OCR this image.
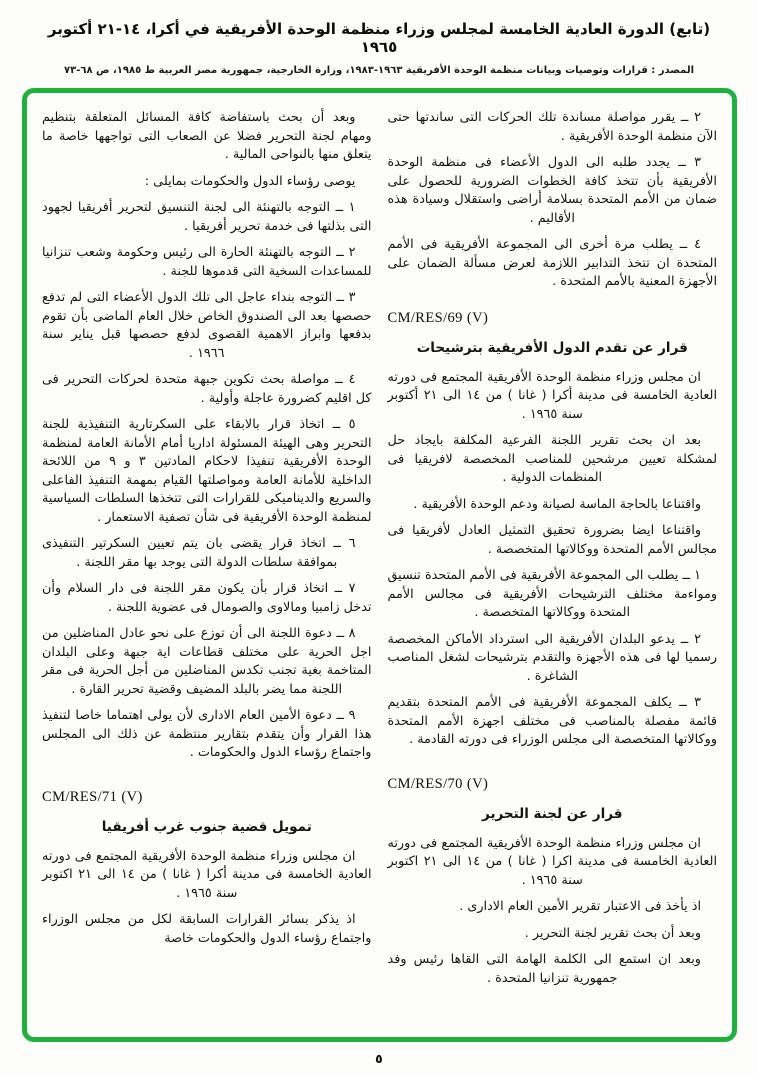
(تابع) الدورة العادية الخامسة لمجلس وزراء منظمة الوحدة الأفريقية في أكرا، ١٤-٢١ أكتوبر ١٩٦٥
المصدر : قرارات وتوصيات وبيانات منظمة الوحدة الأفريقية ١٩٦٣-١٩٨٣، وزارة الخارجية، جمهورية مصر العربية ط ١٩٨٥، ص ٦٨-٧٣

٢ ــ يقرر مواصلة مساندة تلك الحركات التى ساندتها حتى الآن منظمة الوحدة الأفريقية .

٣ ــ يجدد طلبه الى الدول الأعضاء فى منظمة الوحدة الأفريقية بأن تتخذ كافة الخطوات الضرورية للحصول على ضمان من الأمم المتحدة بسلامة أراضى واستقلال وسيادة هذه الأقاليم .

٤ ــ يطلب مرة أخرى الى المجموعة الأفريقية فى الأمم المتحدة ان تتخذ التدابير اللازمة لعرض مسألة الضمان على الأجهزة المعنية بالأمم المتحدة .

CM/RES/69 (V)
قرار عن تقدم الدول الأفريقية بترشيحات

ان مجلس وزراء منظمة الوحدة الأفريقية المجتمع فى دورته العادية الخامسة فى مدينة أكرا ( غانا ) من ١٤ الى ٢١ أكتوبر سنة ١٩٦٥ .

بعد ان بحث تقرير اللجنة الفرعية المكلفة بايجاد حل لمشكلة تعيين مرشحين للمناصب المخصصة لافريقيا فى المنظمات الدولية .

واقتناعا بالحاجة الماسة لصيانة ودعم الوحدة الأفريقية .

واقتناعا ايضا بضرورة تحقيق التمثيل العادل لأفريقيا فى مجالس الأمم المتحدة ووكالاتها المتخصصة .

١ ــ يطلب الى المجموعة الأفريقية فى الأمم المتحدة تنسيق ومواءمة مختلف الترشيحات الأفريقية فى مجالس الأمم المتحدة ووكالاتها المتخصصة .

٢ ــ يدعو البلدان الأفريقية الى استرداد الأماكن المخصصة رسميا لها فى هذه الأجهزة والتقدم بترشيحات لشغل المناصب الشاغرة .

٣ ــ يكلف المجموعة الأفريقية فى الأمم المتحدة بتقديم قائمة مفصلة بالمناصب فى مختلف اجهزة الأمم المتحدة ووكالاتها المتخصصة الى مجلس الوزراء فى دورته القادمة .

CM/RES/70 (V)
قرار عن لجنة التحرير

ان مجلس وزراء منظمة الوحدة الأفريقية المجتمع فى دورته العادية الخامسة فى مدينة اكرا ( غانا ) من ١٤ الى ٢١ اكتوبر سنة ١٩٦٥ .

اذ يأخذ فى الاعتبار تقرير الأمين العام الادارى .

وبعد أن بحث تقرير لجنة التحرير .

وبعد ان استمع الى الكلمة الهامة التى القاها رئيس وفد جمهورية تنزانيا المتحدة .

وبعد أن بحث باستفاضة كافة المسائل المتعلقة بتنظيم ومهام لجنة التحرير فضلا عن الصعاب التى تواجهها خاصة ما يتعلق منها بالنواحى المالية .

يوصى رؤساء الدول والحكومات بمايلى :

١ ــ التوجه بالتهنئة الى لجنة التنسيق لتحرير أفريقيا لجهود التى بذلتها فى خدمة تحرير أفريقيا .

٢ ــ التوجه بالتهنئة الحارة الى رئيس وحكومة وشعب تنزانيا للمساعدات السخية التى قدموها للجنة .

٣ ــ التوجه بنداء عاجل الى تلك الدول الأعضاء التى لم تدفع حصصها بعد الى الصندوق الخاص خلال العام الماضى بأن تقوم بدفعها وابراز الاهمية القصوى لدفع حصصها قبل يناير سنة ١٩٦٦ .

٤ ــ مواصلة بحث تكوين جبهة متحدة لحركات التحرير فى كل اقليم كضرورة عاجلة وأولية .

٥ ــ اتخاذ قرار بالابقاء على السكرتارية التنفيذية للجنة التحرير وهى الهيئة المسئولة اداريا أمام الأمانة العامة لمنظمة الوحدة الأفريقية تنفيذا لاحكام المادتين ٣ و ٩ من اللائحة الداخلية للأمانة العامة ومواصلتها القيام بمهمة التنفيذ الفاعلى والسريع والديناميكى للقرارات التى تتخذها السلطات السياسية لمنظمة الوحدة الأفريقية فى شأن تصفية الاستعمار .

٦ ــ اتخاذ قرار يقضى بان يتم تعيين السكرتير التنفيذى بموافقة سلطات الدولة التى يوجد بها مقر اللجنة .

٧ ــ اتخاذ قرار بأن يكون مقر اللجنة فى دار السلام وأن تدخل زامبيا ومالاوى والصومال فى عضوية اللجنة .

٨ ــ دعوة اللجنة الى أن توزع على نحو عادل المناضلين من اجل الحرية على مختلف قطاعات اية جبهة وعلى البلدان المتاخمة بغية تجنب تكدس المناضلين من أجل الحرية فى مقر اللجنة مما يضر بالبلد المضيف وقضية تحرير القارة .

٩ ــ دعوة الأمين العام الادارى لأن يولى اهتماما خاصا لتنفيذ هذا القرار وأن يتقدم بتقارير منتظمة عن ذلك الى المجلس واجتماع رؤساء الدول والحكومات .

CM/RES/71 (V)
تمويل قضية جنوب غرب أفريقيا

ان مجلس وزراء منظمة الوحدة الأفريقية المجتمع فى دورته العادية الخامسة فى مدينة أكرا ( غانا ) من ١٤ الى ٢١ اكتوبر سنة ١٩٦٥ .

اذ يذكر بسائر القرارات السابقة لكل من مجلس الوزراء واجتماع رؤساء الدول والحكومات خاصة

٥
